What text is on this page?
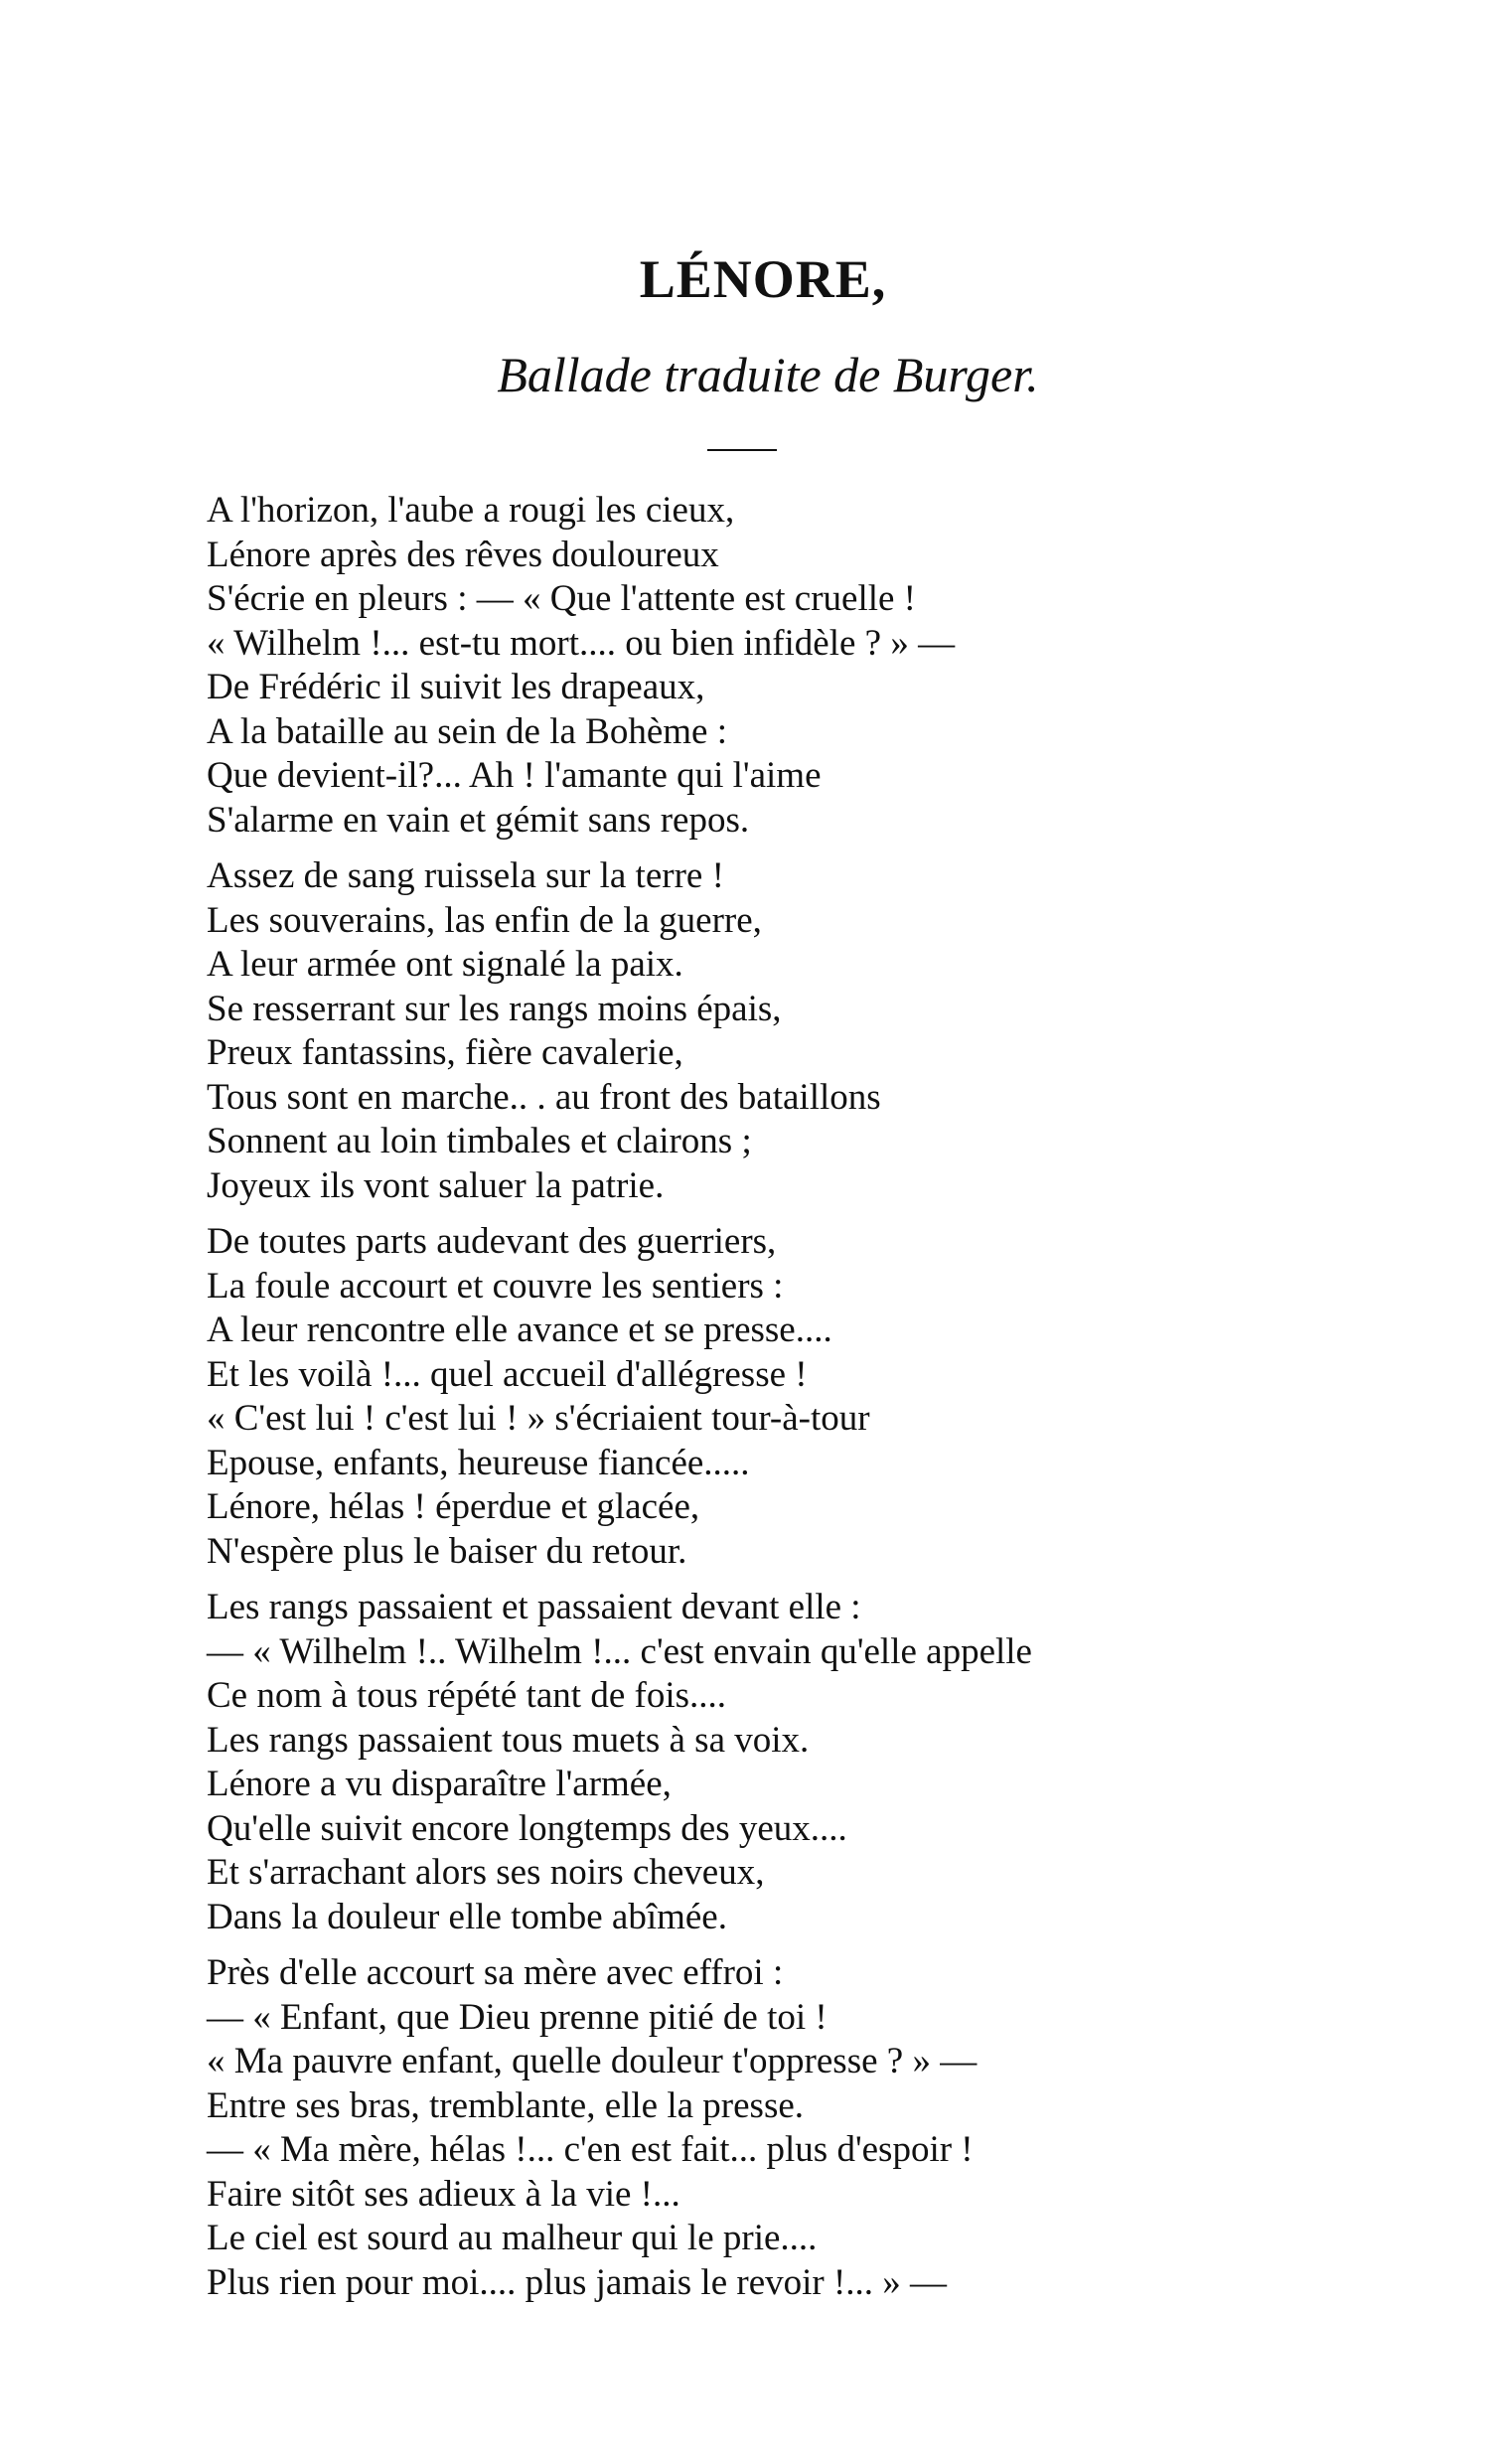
LÉNORE,
Ballade traduite de Burger.
A l'horizon, l'aube a rougi les cieux,
Lénore après des rêves douloureux
S'écrie en pleurs : — « Que l'attente est cruelle !
« Wilhelm !... est-tu mort.... ou bien infidèle ? » —
De Frédéric il suivit les drapeaux,
A la bataille au sein de la Bohème :
Que devient-il?... Ah ! l'amante qui l'aime
S'alarme en vain et gémit sans repos.
Assez de sang ruissela sur la terre !
Les souverains, las enfin de la guerre,
A leur armée ont signalé la paix.
Se resserrant sur les rangs moins épais,
Preux fantassins, fière cavalerie,
Tous sont en marche.. . au front des bataillons
Sonnent au loin timbales et clairons ;
Joyeux ils vont saluer la patrie.
De toutes parts audevant des guerriers,
La foule accourt et couvre les sentiers :
A leur rencontre elle avance et se presse....
Et les voilà !... quel accueil d'allégresse !
« C'est lui ! c'est lui ! » s'écriaient tour-à-tour
Epouse, enfants, heureuse fiancée.....
Lénore, hélas ! éperdue et glacée,
N'espère plus le baiser du retour.
Les rangs passaient et passaient devant elle :
— « Wilhelm !.. Wilhelm !... c'est envain qu'elle appelle
Ce nom à tous répété tant de fois....
Les rangs passaient tous muets à sa voix.
Lénore a vu disparaître l'armée,
Qu'elle suivit encore longtemps des yeux....
Et s'arrachant alors ses noirs cheveux,
Dans la douleur elle tombe abîmée.
Près d'elle accourt sa mère avec effroi :
— « Enfant, que Dieu prenne pitié de toi !
« Ma pauvre enfant, quelle douleur t'oppresse ? » —
Entre ses bras, tremblante, elle la presse.
— « Ma mère, hélas !... c'en est fait... plus d'espoir !
Faire sitôt ses adieux à la vie !...
Le ciel est sourd au malheur qui le prie....
Plus rien pour moi.... plus jamais le revoir !... » —
